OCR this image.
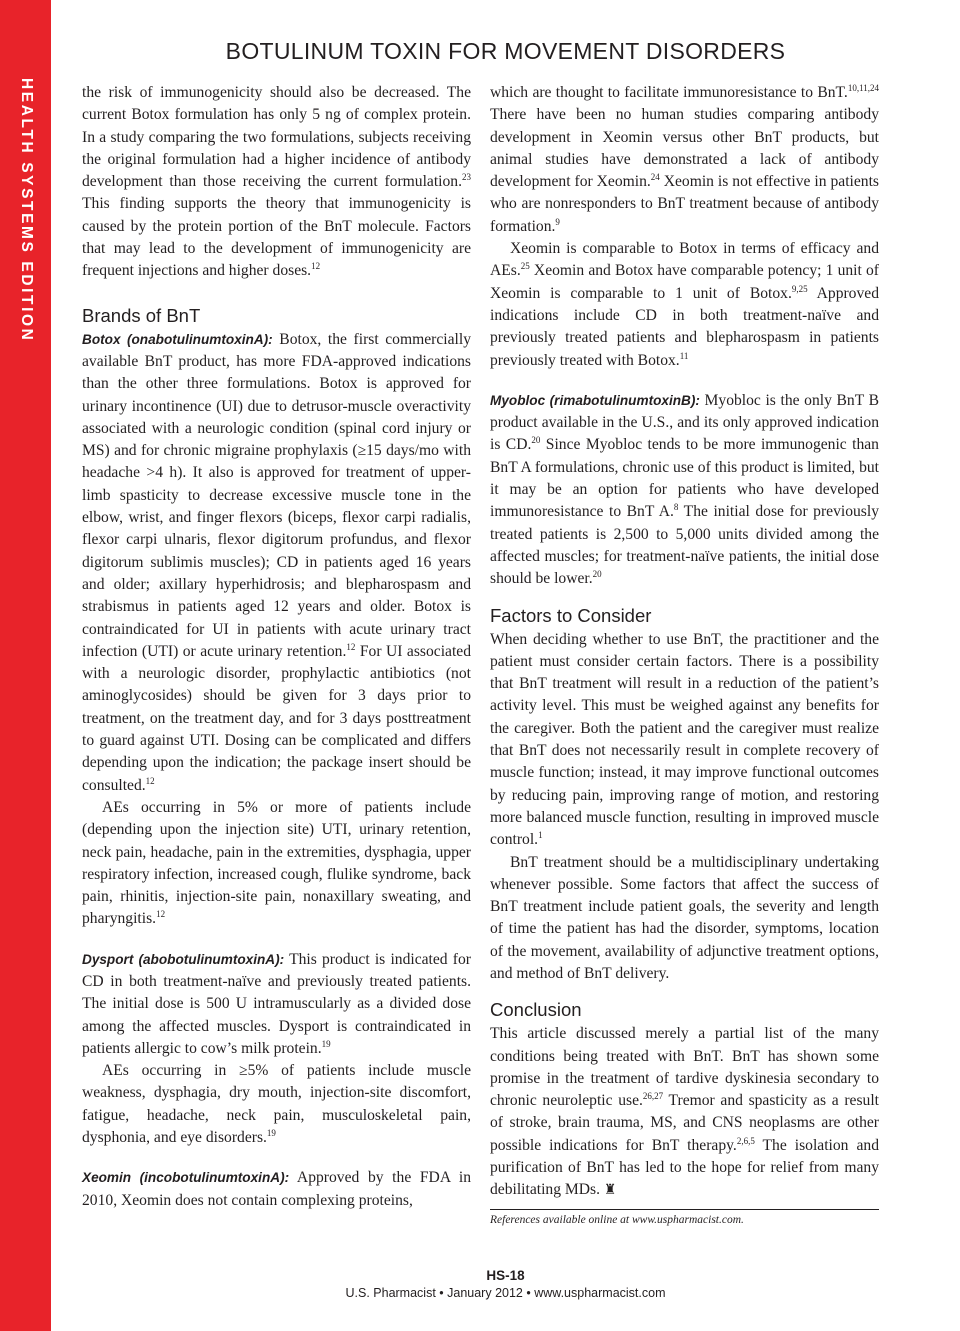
HEALTH SYSTEMS EDITION
BOTULINUM TOXIN FOR MOVEMENT DISORDERS

the risk of immunogenicity should also be decreased. The current Botox formulation has only 5 ng of complex protein. In a study comparing the two formulations, subjects receiving the original formulation had a higher incidence of antibody development than those receiving the current formulation.$^{23}$ This finding supports the theory that immunogenicity is caused by the protein portion of the BnT molecule. Factors that may lead to the development of immunogenicity are frequent injections and higher doses.$^{12}$

Brands of BnT

Botox (onabotulinumtoxinA): Botox, the first commercially available BnT product, has more FDA-approved indications than the other three formulations. Botox is approved for urinary incontinence (UI) due to detrusor-muscle overactivity associated with a neurologic condition (spinal cord injury or MS) and for chronic migraine prophylaxis (≥15 days/mo with headache >4 h). It also is approved for treatment of upper-limb spasticity to decrease excessive muscle tone in the elbow, wrist, and finger flexors (biceps, flexor carpi radialis, flexor carpi ulnaris, flexor digitorum profundus, and flexor digitorum sublimis muscles); CD in patients aged 16 years and older; axillary hyperhidrosis; and blepharospasm and strabismus in patients aged 12 years and older. Botox is contraindicated for UI in patients with acute urinary tract infection (UTI) or acute urinary retention.$^{12}$ For UI associated with a neurologic disorder, prophylactic antibiotics (not aminoglycosides) should be given for 3 days prior to treatment, on the treatment day, and for 3 days posttreatment to guard against UTI. Dosing can be complicated and differs depending upon the indication; the package insert should be consulted.$^{12}$

AEs occurring in 5% or more of patients include (depending upon the injection site) UTI, urinary retention, neck pain, headache, pain in the extremities, dysphagia, upper respiratory infection, increased cough, flulike syndrome, back pain, rhinitis, injection-site pain, nonaxillary sweating, and pharyngitis.$^{12}$

Dysport (abobotulinumtoxinA): This product is indicated for CD in both treatment-naïve and previously treated patients. The initial dose is 500 U intramuscularly as a divided dose among the affected muscles. Dysport is contraindicated in patients allergic to cow’s milk protein.$^{19}$

AEs occurring in ≥5% of patients include muscle weakness, dysphagia, dry mouth, injection-site discomfort, fatigue, headache, neck pain, musculoskeletal pain, dysphonia, and eye disorders.$^{19}$

Xeomin (incobotulinumtoxinA): Approved by the FDA in 2010, Xeomin does not contain complexing proteins,

which are thought to facilitate immunoresistance to BnT.$^{10,11,24}$ There have been no human studies comparing antibody development in Xeomin versus other BnT products, but animal studies have demonstrated a lack of antibody development for Xeomin.$^{24}$ Xeomin is not effective in patients who are nonresponders to BnT treatment because of antibody formation.$^9$

Xeomin is comparable to Botox in terms of efficacy and AEs.$^{25}$ Xeomin and Botox have comparable potency; 1 unit of Xeomin is comparable to 1 unit of Botox.$^{9,25}$ Approved indications include CD in both treatment-naïve and previously treated patients and blepharospasm in patients previously treated with Botox.$^{11}$

Myobloc (rimabotulinumtoxinB): Myobloc is the only BnT B product available in the U.S., and its only approved indication is CD.$^{20}$ Since Myobloc tends to be more immunogenic than BnT A formulations, chronic use of this product is limited, but it may be an option for patients who have developed immunoresistance to BnT A.$^8$ The initial dose for previously treated patients is 2,500 to 5,000 units divided among the affected muscles; for treatment-naïve patients, the initial dose should be lower.$^{20}$

Factors to Consider

When deciding whether to use BnT, the practitioner and the patient must consider certain factors. There is a possibility that BnT treatment will result in a reduction of the patient’s activity level. This must be weighed against any benefits for the caregiver. Both the patient and the caregiver must realize that BnT does not necessarily result in complete recovery of muscle function; instead, it may improve functional outcomes by reducing pain, improving range of motion, and restoring more balanced muscle function, resulting in improved muscle control.$^1$

BnT treatment should be a multidisciplinary undertaking whenever possible. Some factors that affect the success of BnT treatment include patient goals, the severity and length of time the patient has had the disorder, symptoms, location of the movement, availability of adjunctive treatment options, and method of BnT delivery.

Conclusion

This article discussed merely a partial list of the many conditions being treated with BnT. BnT has shown some promise in the treatment of tardive dyskinesia secondary to chronic neuroleptic use.$^{26,27}$ Tremor and spasticity as a result of stroke, brain trauma, MS, and CNS neoplasms are other possible indications for BnT therapy.$^{2,6,5}$ The isolation and purification of BnT has led to the hope for relief from many debilitating MDs. ♜

References available online at www.uspharmacist.com.
HS-18
U.S. Pharmacist • January 2012 • www.uspharmacist.com
